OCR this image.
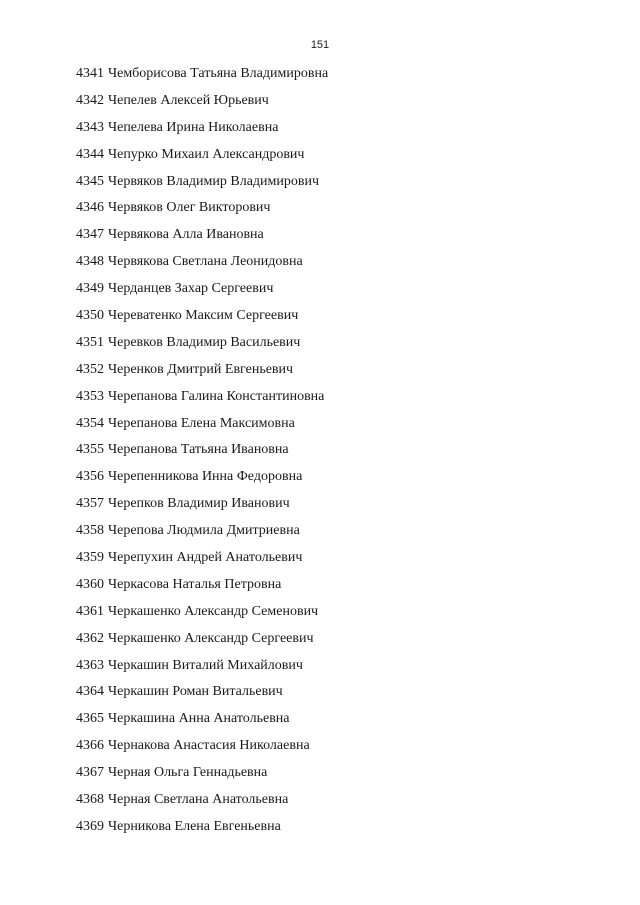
151
4341 Чемборисова Татьяна Владимировна
4342 Чепелев Алексей Юрьевич
4343 Чепелева Ирина Николаевна
4344 Чепурко Михаил Александрович
4345 Червяков Владимир Владимирович
4346 Червяков Олег Викторович
4347 Червякова Алла Ивановна
4348 Червякова Светлана Леонидовна
4349 Черданцев Захар Сергеевич
4350 Череватенко Максим Сергеевич
4351 Черевков Владимир Васильевич
4352 Черенков Дмитрий Евгеньевич
4353 Черепанова Галина Константиновна
4354 Черепанова Елена Максимовна
4355 Черепанова Татьяна Ивановна
4356 Черепенникова Инна Федоровна
4357 Черепков Владимир Иванович
4358 Черепова Людмила Дмитриевна
4359 Черепухин Андрей Анатольевич
4360 Черкасова Наталья Петровна
4361 Черкашенко Александр Семенович
4362 Черкашенко Александр Сергеевич
4363 Черкашин Виталий Михайлович
4364 Черкашин Роман Витальевич
4365 Черкашина Анна Анатольевна
4366 Чернакова Анастасия Николаевна
4367 Черная Ольга Геннадьевна
4368 Черная Светлана Анатольевна
4369 Черникова Елена Евгеньевна
